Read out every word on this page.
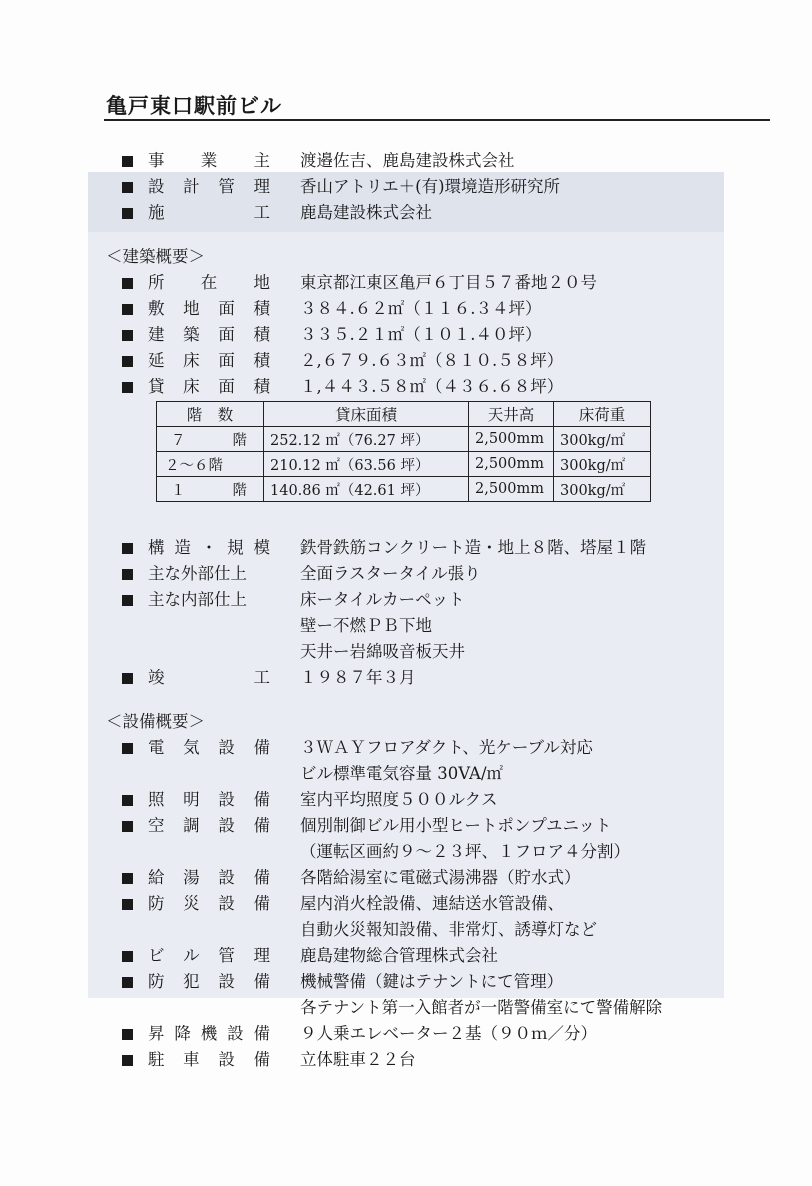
亀戸東口駅前ビル
事 業 主 渡邉佐吉、鹿島建設株式会社
設 計 管 理 香山アトリエ＋(有)環境造形研究所
施	工 鹿島建設株式会社
＜建築概要＞
所 在 地 東京都江東区亀戸６丁目５７番地２０号
敷 地 面 積 ３８４.６２㎡（１１６.３４坪）
建 築 面 積 ３３５.２１㎡（１０１.４０坪）
延 床 面 積 ２,６７９.６３㎡（８１０.５８坪）
貸 床 面 積 １,４４３.５８㎡（４３６.６８坪）
構 造 ・ 規 模 鉄骨鉄筋コンクリート造・地上８階、塔屋１階
主な外部仕上	全面ラスタータイル張り
主な内部仕上	床ータイルカーペット
壁ー不燃ＰＢ下地
天井ー岩綿吸音板天井
竣	工 １９８７年３月
＜設備概要＞
電 気 設 備 ３ＷＡＹフロアダクト、光ケーブル対応
ビル標準電気容量 30VA/㎡
照 明 設 備 室内平均照度５００ルクス
空 調 設 備 個別制御ビル用小型ヒートポンプユニット
（運転区画約９〜２３坪、１フロア４分割）
給 湯 設 備 各階給湯室に電磁式湯沸器（貯水式）
防 災 設 備 屋内消火栓設備、連結送水管設備、
自動火災報知設備、非常灯、誘導灯など
ビ ル 管 理 鹿島建物総合管理株式会社
防 犯 設 備 機械警備（鍵はテナントにて管理）
各テナント第一入館者が一階警備室にて警備解除
昇 降 機 設 備 ９人乗エレベーター２基（９０ｍ／分）
駐 車 設 備 立体駐車２２台
階　数	貸床面積	天井高	床荷重

７ 階	252.12 ㎡（76.27 坪）	2,500mm	300kg/㎡
２〜６階	210.12 ㎡（63.56 坪）	2,500mm	300kg/㎡

１ 階	140.86 ㎡（42.61 坪）	2,500mm	300kg/㎡
